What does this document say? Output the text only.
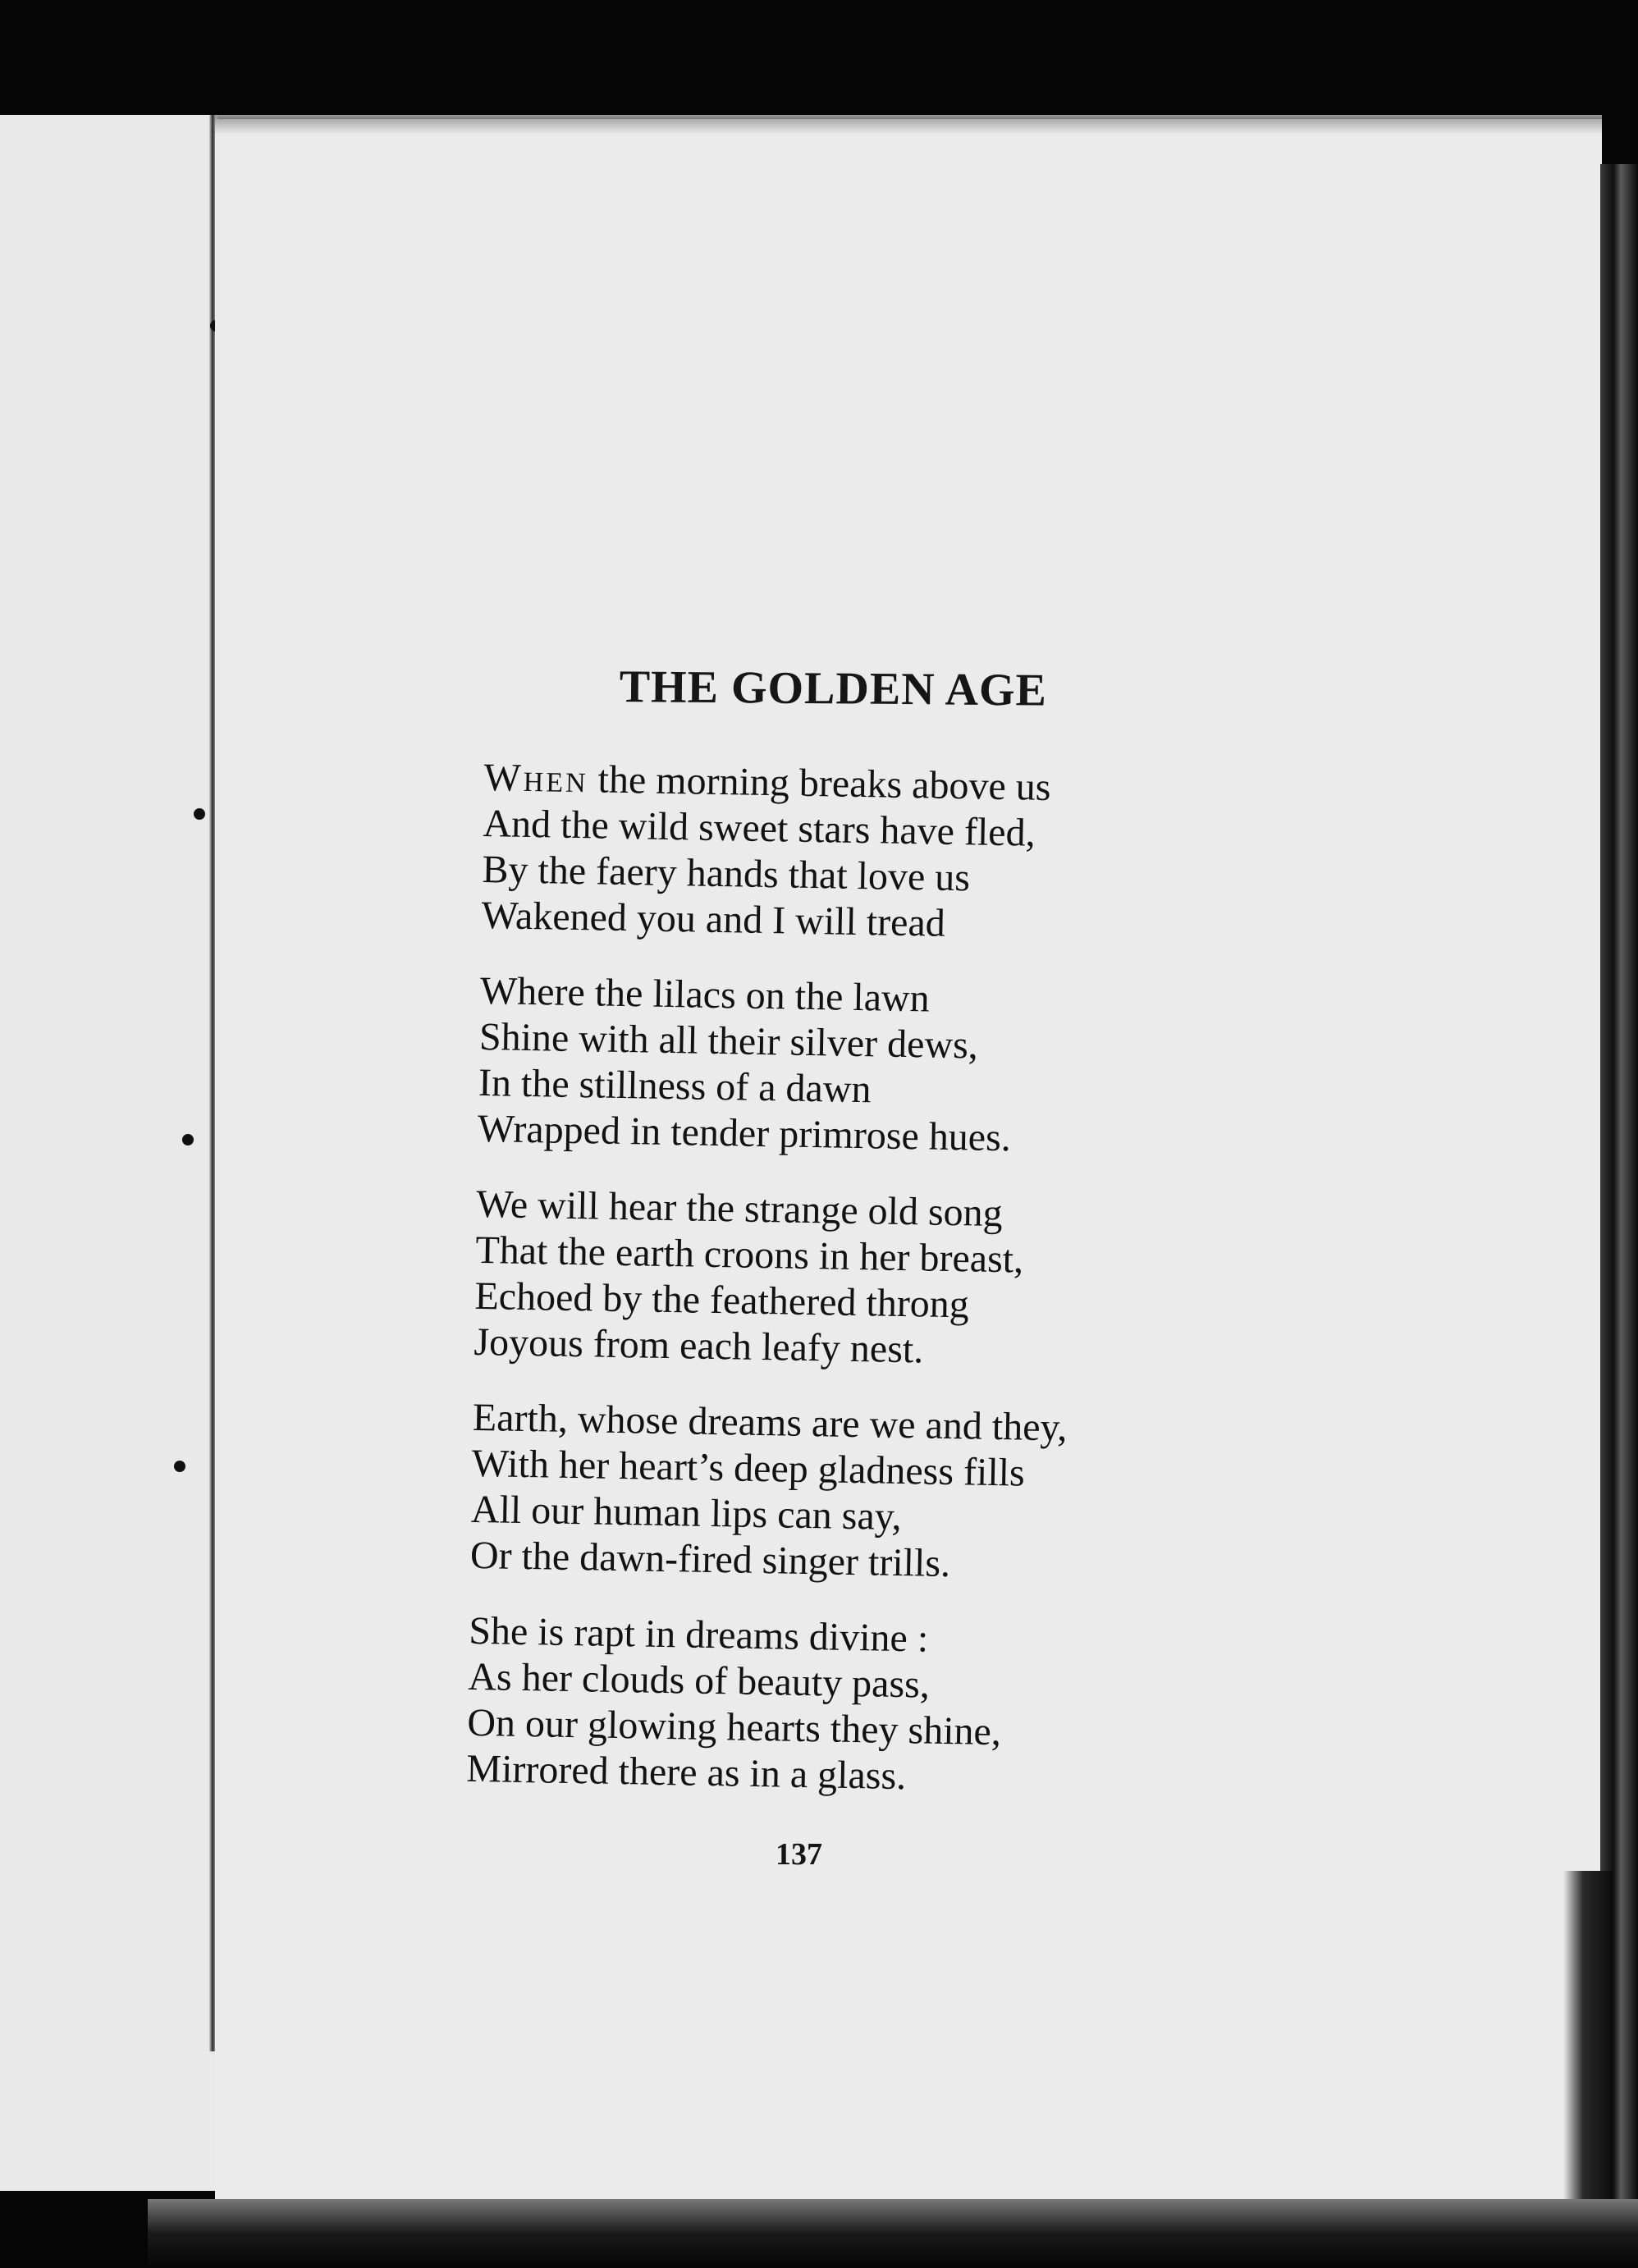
THE GOLDEN AGE
When the morning breaks above us
And the wild sweet stars have fled,
By the faery hands that love us
Wakened you and I will tread
Where the lilacs on the lawn
Shine with all their silver dews,
In the stillness of a dawn
Wrapped in tender primrose hues.
We will hear the strange old song
That the earth croons in her breast,
Echoed by the feathered throng
Joyous from each leafy nest.
Earth, whose dreams are we and they,
With her heart’s deep gladness fills
All our human lips can say,
Or the dawn-fired singer trills.
She is rapt in dreams divine :
As her clouds of beauty pass,
On our glowing hearts they shine,
Mirrored there as in a glass.
137
